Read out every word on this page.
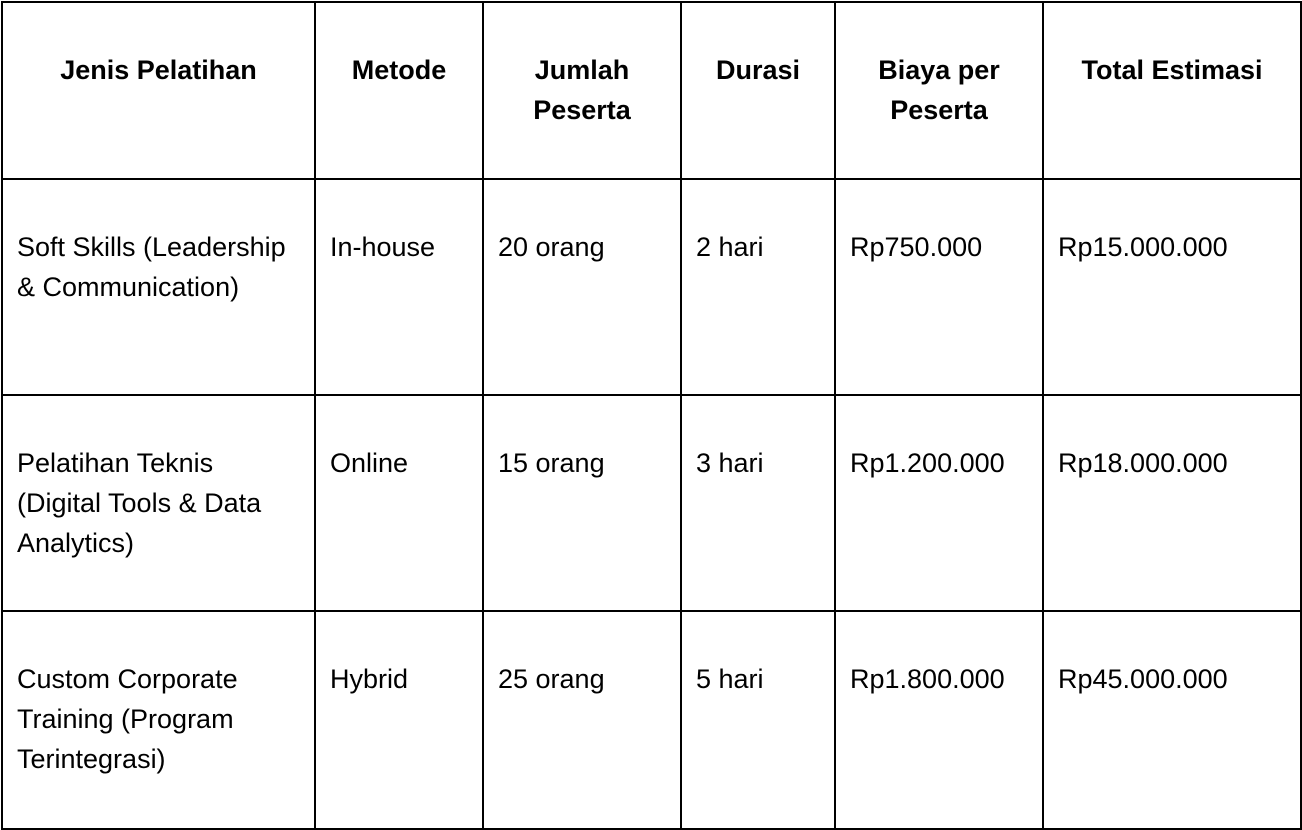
Jenis Pelatihan	Metode	Jumlah Peserta	Durasi	Biaya per Peserta	Total Estimasi
Soft Skills (Leadership & Communication)	In-house	20 orang	2 hari	Rp750.000	Rp15.000.000
Pelatihan Teknis (Digital Tools & Data Analytics)	Online	15 orang	3 hari	Rp1.200.000	Rp18.000.000
Custom Corporate Training (Program Terintegrasi)	Hybrid	25 orang	5 hari	Rp1.800.000	Rp45.000.000
